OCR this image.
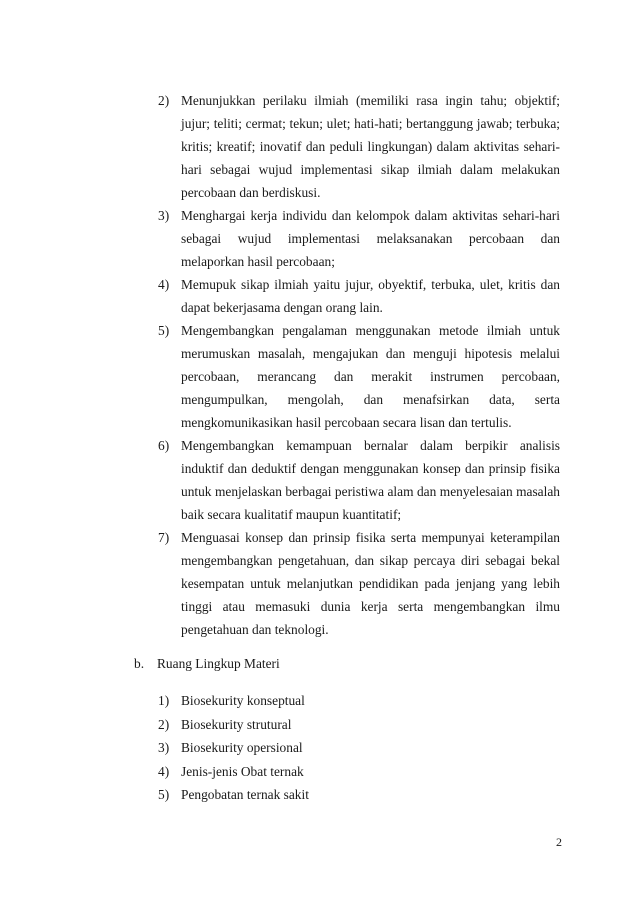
2) Menunjukkan perilaku ilmiah (memiliki rasa ingin tahu; objektif; jujur; teliti; cermat; tekun; ulet; hati-hati; bertanggung jawab; terbuka; kritis; kreatif; inovatif dan peduli lingkungan) dalam aktivitas sehari-hari sebagai wujud implementasi sikap ilmiah dalam melakukan percobaan dan berdiskusi.
3) Menghargai kerja individu dan kelompok dalam aktivitas sehari-hari sebagai wujud implementasi melaksanakan percobaan dan melaporkan hasil percobaan;
4) Memupuk sikap ilmiah yaitu jujur, obyektif, terbuka, ulet, kritis dan dapat bekerjasama dengan orang lain.
5) Mengembangkan pengalaman menggunakan metode ilmiah untuk merumuskan masalah, mengajukan dan menguji hipotesis melalui percobaan, merancang dan merakit instrumen percobaan, mengumpulkan, mengolah, dan menafsirkan data, serta mengkomunikasikan hasil percobaan secara lisan dan tertulis.
6) Mengembangkan kemampuan bernalar dalam berpikir analisis induktif dan deduktif dengan menggunakan konsep dan prinsip fisika untuk menjelaskan berbagai peristiwa alam dan menyelesaian masalah baik secara kualitatif maupun kuantitatif;
7) Menguasai konsep dan prinsip fisika serta mempunyai keterampilan mengembangkan pengetahuan, dan sikap percaya diri sebagai bekal kesempatan untuk melanjutkan pendidikan pada jenjang yang lebih tinggi atau memasuki dunia kerja serta mengembangkan ilmu pengetahuan dan teknologi.
b. Ruang Lingkup Materi
1) Biosekurity konseptual
2) Biosekurity strutural
3) Biosekurity opersional
4) Jenis-jenis Obat ternak
5) Pengobatan ternak sakit
2
